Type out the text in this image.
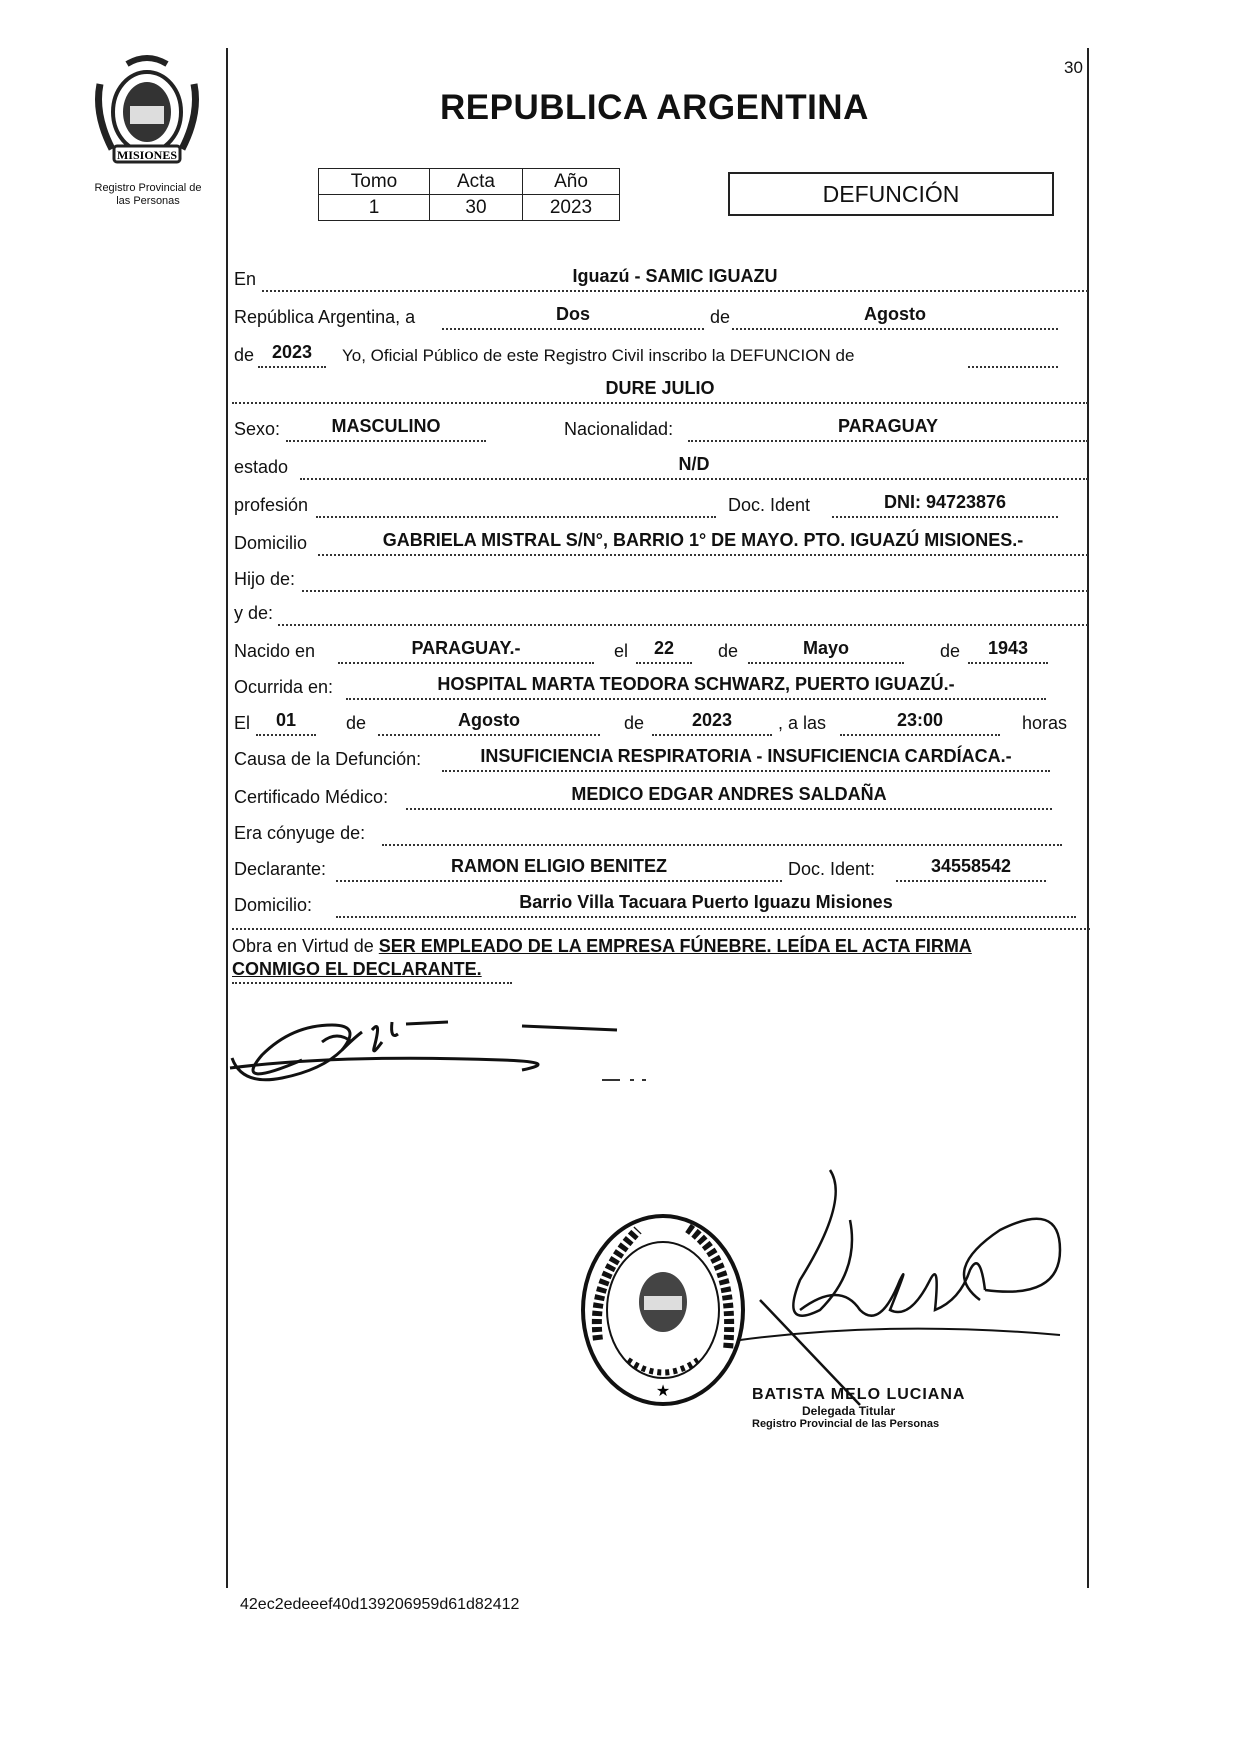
MISIONES
Registro Provincial de
las Personas
30
REPUBLICA ARGENTINA
Tomo	Acta	Año
1	30	2023
DEFUNCIÓN
En	Iguazú - SAMIC IGUAZU
República Argentina, a	Dos	de	Agosto
de 2023	Yo, Oficial Público de este Registro Civil inscribo la DEFUNCION de
DURE JULIO
Sexo:	MASCULINO	Nacionalidad:	PARAGUAY
estado	N/D
profesión	Doc. Ident	DNI: 94723876
Domicilio	GABRIELA MISTRAL S/N°, BARRIO 1° DE MAYO. PTO. IGUAZÚ MISIONES.-
Hijo de:
y de:
Nacido en	PARAGUAY.-	el	22	de	Mayo	de	1943
Ocurrida en:	HOSPITAL MARTA TEODORA SCHWARZ, PUERTO IGUAZÚ.-
El	01	de	Agosto	de	2023	, a las	23:00	horas
Causa de la Defunción:	INSUFICIENCIA RESPIRATORIA - INSUFICIENCIA CARDÍACA.-
Certificado Médico:	MEDICO EDGAR ANDRES SALDAÑA
Era cónyuge de:
Declarante:	RAMON ELIGIO BENITEZ	Doc. Ident:	34558542
Domicilio:	Barrio Villa Tacuara Puerto Iguazu Misiones
Obra en Virtud de SER EMPLEADO DE LA EMPRESA FÚNEBRE. LEÍDA EL ACTA FIRMA
CONMIGO EL DECLARANTE.
★	BATISTA MELO LUCIANA
Delegada Titular
Registro Provincial de las Personas
42ec2edeeef40d139206959d61d82412
